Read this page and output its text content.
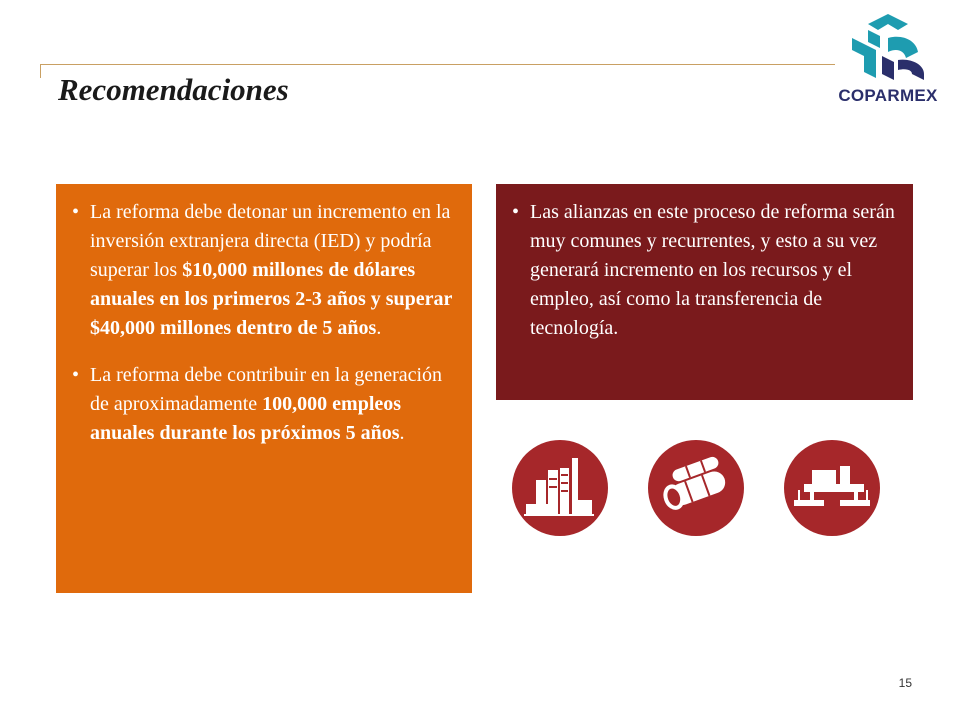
Recomendaciones	COPARMEX
• La reforma debe detonar un incremento en la inversión extranjera directa (IED) y podría superar los $10,000 millones de dólares anuales en los primeros 2-3 años y superar $40,000 millones dentro de 5 años.
• La reforma debe contribuir en la generación de aproximadamente 100,000 empleos anuales durante los próximos 5 años.
• Las alianzas en este proceso de reforma serán muy comunes y recurrentes, y esto a su vez generará incremento en los recursos y el empleo, así como la transferencia de tecnología.
15
